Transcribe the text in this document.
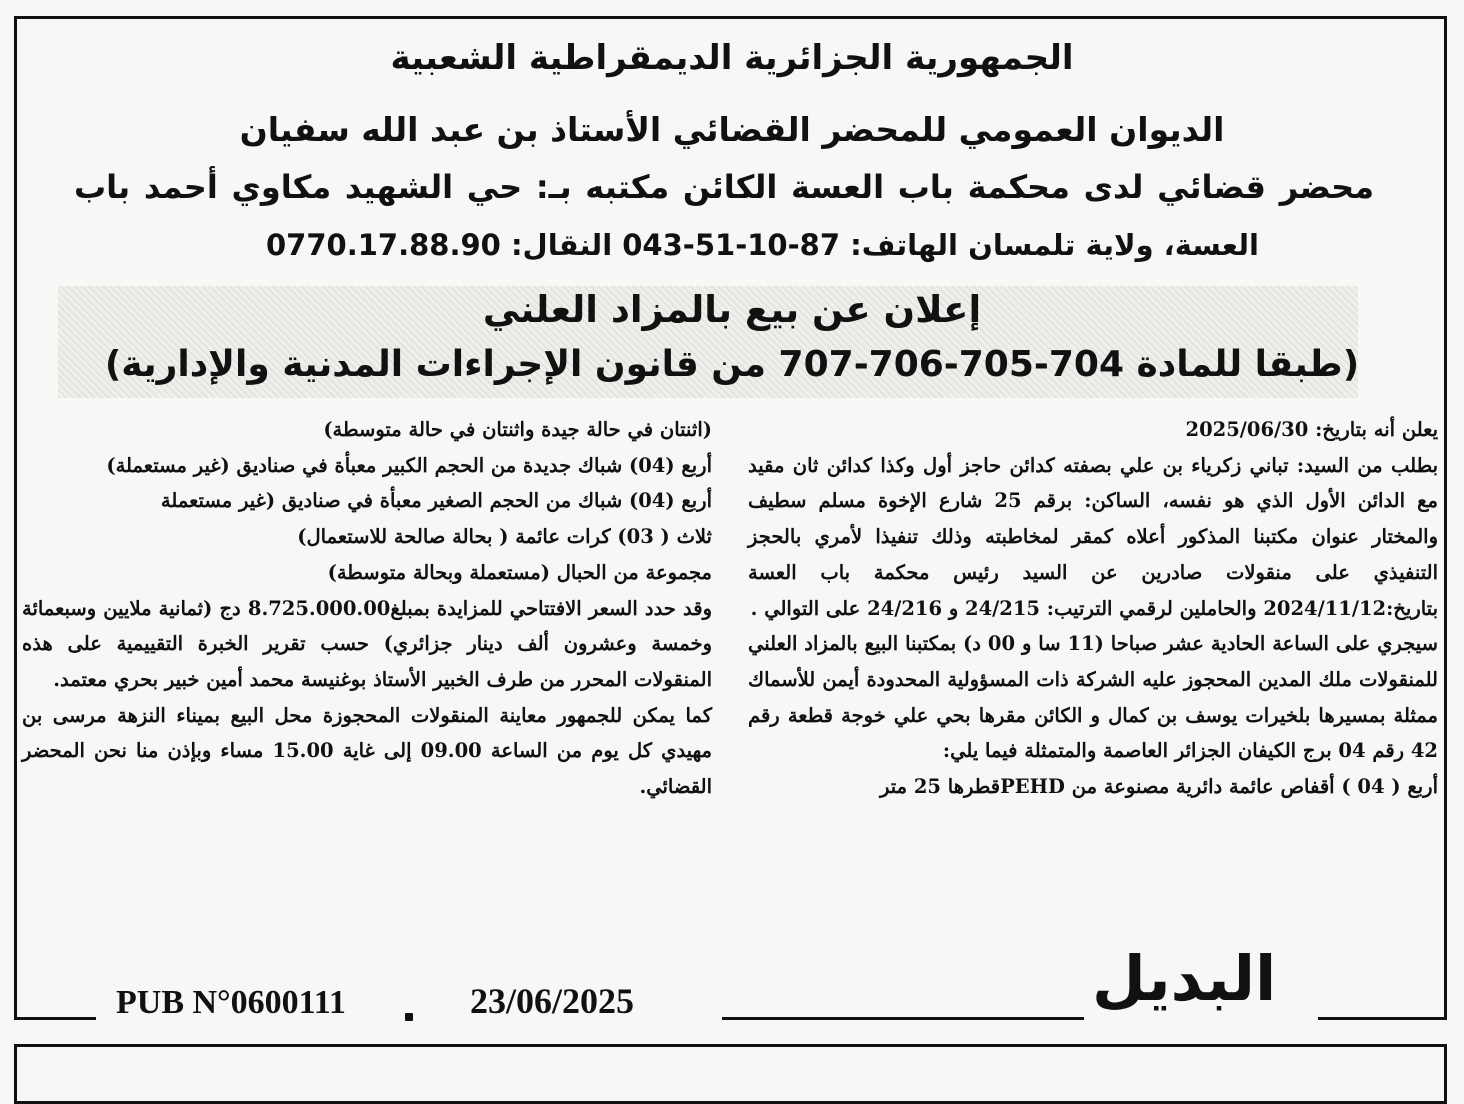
الجمهورية الجزائرية الديمقراطية الشعبية
الديوان العمومي للمحضر القضائي الأستاذ بن عبد الله سفيان
محضر قضائي لدى محكمة باب العسة الكائن مكتبه بـ: حي الشهيد مكاوي أحمد باب
العسة، ولاية تلمسان الهاتف: 87-10-51-043 النقال: 0770.17.88.90
إعلان عن بيع بالمزاد العلني
(طبقا للمادة 704-705-706-707 من قانون الإجراءات المدنية والإدارية)

يعلن أنه بتاريخ: 2025/06/30

بطلب من السيد: تباني زكرياء بن علي بصفته كدائن حاجز أول وكذا كدائن ثان مقيد مع الدائن الأول الذي هو نفسه، الساكن: برقم 25 شارع الإخوة مسلم سطيف والمختار عنوان مكتبنا المذكور أعلاه كمقر لمخاطبته وذلك تنفيذا لأمري بالحجز التنفيذي على منقولات صادرين عن السيد رئيس محكمة باب العسة بتاريخ:2024/11/12 والحاملين لرقمي الترتيب: 24/215 و 24/216 على التوالي .

سيجري على الساعة الحادية عشر صباحا (11 سا و 00 د) بمكتبنا البيع بالمزاد العلني للمنقولات ملك المدين المحجوز عليه الشركة ذات المسؤولية المحدودة أيمن للأسماك ممثلة بمسيرها بلخيرات يوسف بن كمال و الكائن مقرها بحي علي خوجة قطعة رقم 42 رقم 04 برج الكيفان الجزائر العاصمة والمتمثلة فيما يلي:

أربع ( 04 ) أقفاص عائمة دائرية مصنوعة من PEHDقطرها 25 متر

(اثنتان في حالة جيدة واثنتان في حالة متوسطة)

أربع (04) شباك جديدة من الحجم الكبير معبأة في صناديق (غير مستعملة)

أربع (04) شباك من الحجم الصغير معبأة في صناديق (غير مستعملة

ثلاث ( 03) كرات عائمة ( بحالة صالحة للاستعمال)

مجموعة من الحبال (مستعملة وبحالة متوسطة)

وقد حدد السعر الافتتاحي للمزايدة بمبلغ8.725.000.00 دج (ثمانية ملايين وسبعمائة وخمسة وعشرون ألف دينار جزائري) حسب تقرير الخبرة التقييمية على هذه المنقولات المحرر من طرف الخبير الأستاذ بوغنيسة محمد أمين خبير بحري معتمد.

كما يمكن للجمهور معاينة المنقولات المحجوزة محل البيع بميناء النزهة مرسى بن مهيدي كل يوم من الساعة 09.00 إلى غاية 15.00 مساء وبإذن منا نحن المحضر القضائي.

البديل
23/06/2025
PUB N°0600111
